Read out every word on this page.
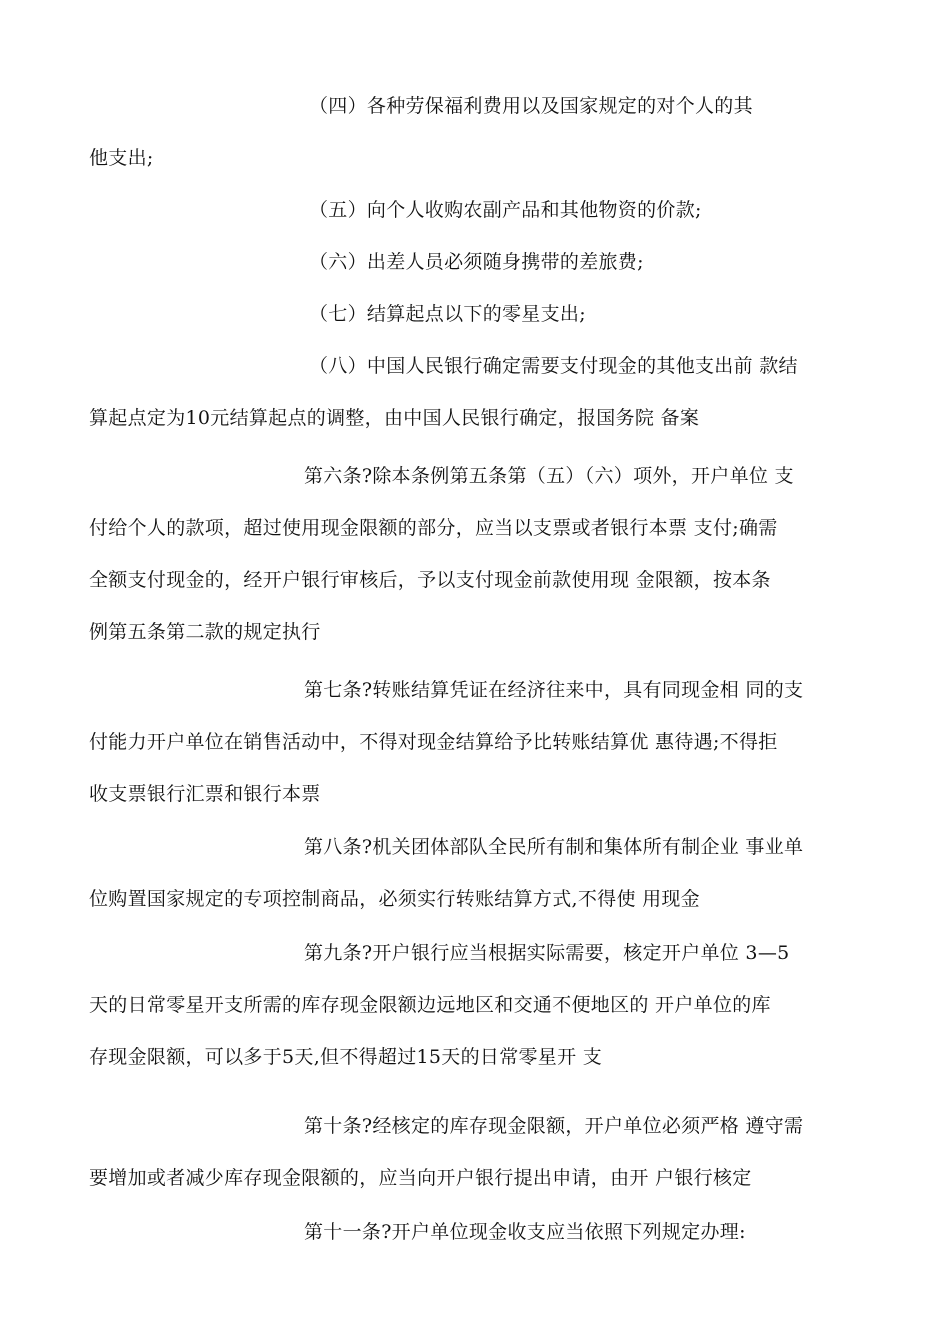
（四）各种劳保福利费用以及国家规定的对个人的其
他支出;
（五）向个人收购农副产品和其他物资的价款;
（六）出差人员必须随身携带的差旅费;
（七）结算起点以下的零星支出;
（八）中国人民银行确定需要支付现金的其他支出前 款结
算起点定为10元结算起点的调整，由中国人民银行确定，报国务院 备案
第六条?除本条例第五条第（五）（六）项外，开户单位 支
付给个人的款项，超过使用现金限额的部分，应当以支票或者银行本票 支付;确需
全额支付现金的，经开户银行审核后，予以支付现金前款使用现 金限额，按本条
例第五条第二款的规定执行
第七条?转账结算凭证在经济往来中，具有同现金相 同的支
付能力开户单位在销售活动中，不得对现金结算给予比转账结算优 惠待遇;不得拒
收支票银行汇票和银行本票
第八条?机关团体部队全民所有制和集体所有制企业 事业单
位购置国家规定的专项控制商品，必须实行转账结算方式,不得使 用现金
第九条?开户银行应当根据实际需要，核定开户单位 3—5
天的日常零星开支所需的库存现金限额边远地区和交通不便地区的 开户单位的库
存现金限额，可以多于5天,但不得超过15天的日常零星开 支
第十条?经核定的库存现金限额，开户单位必须严格 遵守需
要增加或者减少库存现金限额的，应当向开户银行提出申请，由开 户银行核定
第十一条?开户单位现金收支应当依照下列规定办理:
